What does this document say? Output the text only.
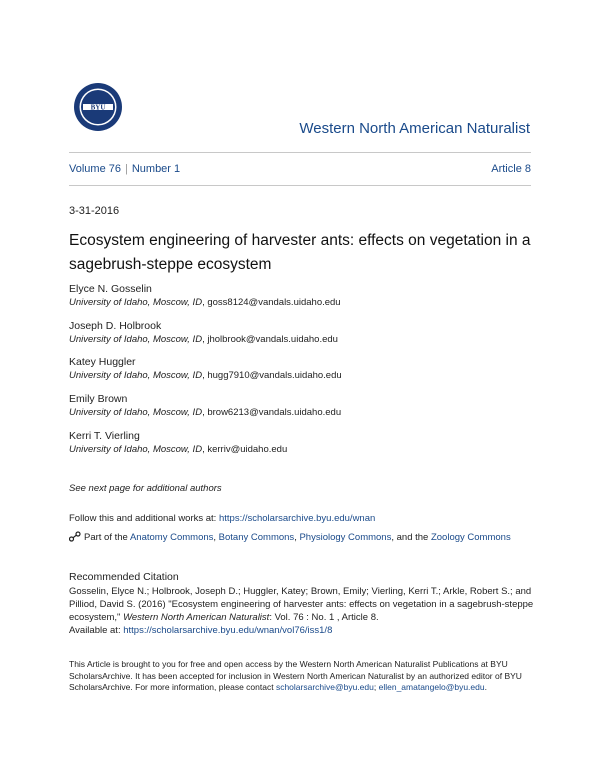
BYU
Western North American Naturalist
Volume 76 | Number 1	Article 8
3-31-2016
Ecosystem engineering of harvester ants: effects on vegetation in a sagebrush-steppe ecosystem
Elyce N. Gosselin
University of Idaho, Moscow, ID, goss8124@vandals.uidaho.edu
Joseph D. Holbrook
University of Idaho, Moscow, ID, jholbrook@vandals.uidaho.edu
Katey Huggler
University of Idaho, Moscow, ID, hugg7910@vandals.uidaho.edu
Emily Brown
University of Idaho, Moscow, ID, brow6213@vandals.uidaho.edu
Kerri T. Vierling
University of Idaho, Moscow, ID, kerriv@uidaho.edu
See next page for additional authors
Follow this and additional works at: https://scholarsarchive.byu.edu/wnan
Part of the Anatomy Commons, Botany Commons, Physiology Commons, and the Zoology Commons
Recommended Citation
Gosselin, Elyce N.; Holbrook, Joseph D.; Huggler, Katey; Brown, Emily; Vierling, Kerri T.; Arkle, Robert S.; and Pilliod, David S. (2016) "Ecosystem engineering of harvester ants: effects on vegetation in a sagebrush-steppe ecosystem," Western North American Naturalist: Vol. 76 : No. 1 , Article 8.
Available at: https://scholarsarchive.byu.edu/wnan/vol76/iss1/8
This Article is brought to you for free and open access by the Western North American Naturalist Publications at BYU ScholarsArchive. It has been accepted for inclusion in Western North American Naturalist by an authorized editor of BYU ScholarsArchive. For more information, please contact scholarsarchive@byu.edu; ellen_amatangelo@byu.edu.
